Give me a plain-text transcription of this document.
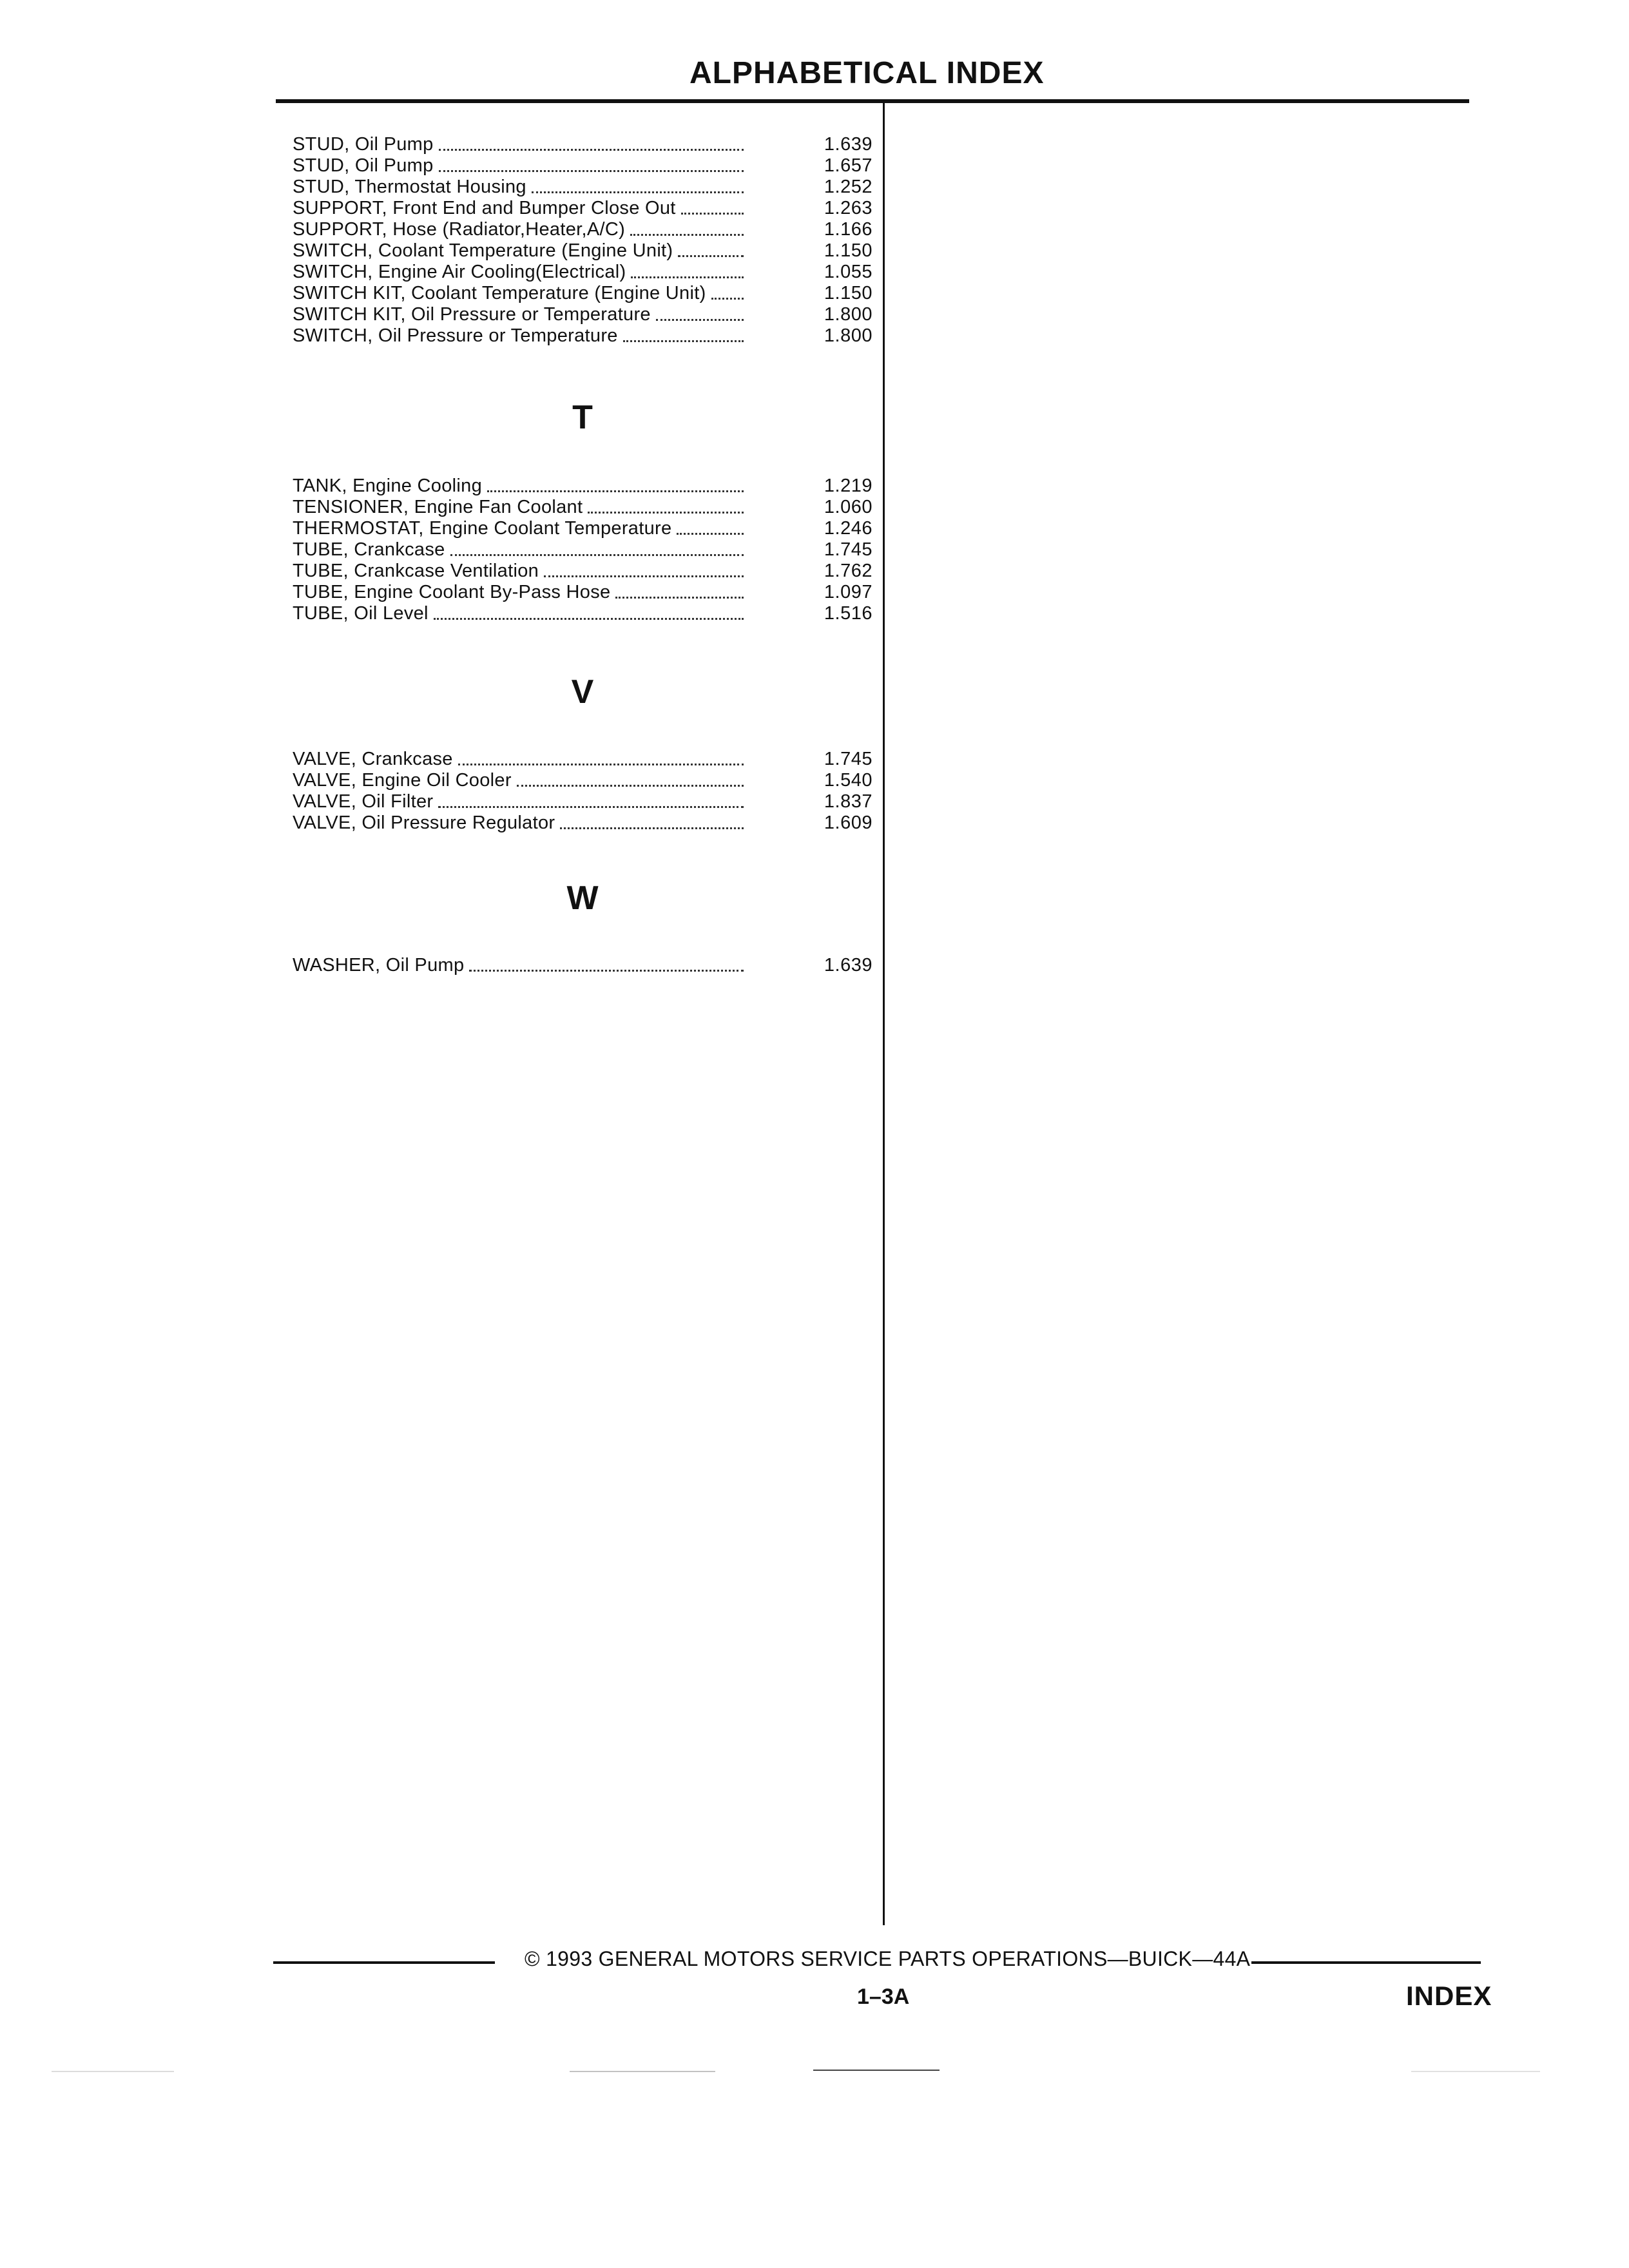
ALPHABETICAL INDEX
STUD, Oil Pump	1.639
STUD, Oil Pump	1.657
STUD, Thermostat Housing	1.252
SUPPORT, Front End and Bumper Close Out	1.263
SUPPORT, Hose (Radiator,Heater,A/C)	1.166
SWITCH, Coolant Temperature (Engine Unit)	1.150
SWITCH, Engine Air Cooling(Electrical)	1.055
SWITCH KIT, Coolant Temperature (Engine Unit)	1.150
SWITCH KIT, Oil Pressure or Temperature	1.800
SWITCH, Oil Pressure or Temperature	1.800
T
TANK, Engine Cooling	1.219
TENSIONER, Engine Fan Coolant	1.060
THERMOSTAT, Engine Coolant Temperature	1.246
TUBE, Crankcase	1.745
TUBE, Crankcase Ventilation	1.762
TUBE, Engine Coolant By-Pass Hose	1.097
TUBE, Oil Level	1.516
V
VALVE, Crankcase	1.745
VALVE, Engine Oil Cooler	1.540
VALVE, Oil Filter	1.837
VALVE, Oil Pressure Regulator	1.609
W
WASHER, Oil Pump	1.639
© 1993 GENERAL MOTORS SERVICE PARTS OPERATIONS—BUICK—44A
1–3A	INDEX
